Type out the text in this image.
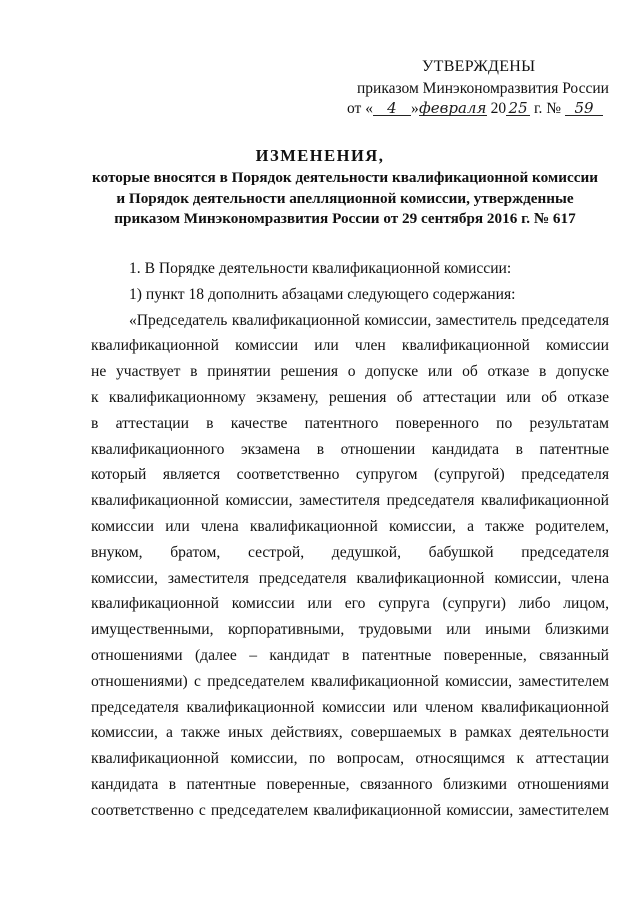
УТВЕРЖДЕНЫ
приказом Минэкономразвития России
от « 4 »февраля 20 25 г. № 59
ИЗМЕНЕНИЯ,
которые вносятся в Порядок деятельности квалификационной комиссии
и Порядок деятельности апелляционной комиссии, утвержденные
приказом Минэкономразвития России от 29 сентября 2016 г. № 617
1. В Порядке деятельности квалификационной комиссии:
1) пункт 18 дополнить абзацами следующего содержания:
«Председатель квалификационной комиссии, заместитель председателя
квалификационной комиссии или член квалификационной комиссии
не участвует в принятии решения о допуске или об отказе в допуске
к квалификационному экзамену, решения об аттестации или об отказе
в аттестации в качестве патентного поверенного по результатам
квалификационного экзамена в отношении кандидата в патентные
который является соответственно супругом (супругой) председателя
квалификационной комиссии, заместителя председателя квалификационной
комиссии или члена квалификационной комиссии, а также родителем,
внуком, братом, сестрой, дедушкой, бабушкой председателя
комиссии, заместителя председателя квалификационной комиссии, члена
квалификационной комиссии или его супруга (супруги) либо лицом,
имущественными, корпоративными, трудовыми или иными близкими
отношениями (далее – кандидат в патентные поверенные, связанный
отношениями) с председателем квалификационной комиссии, заместителем
председателя квалификационной комиссии или членом квалификационной
комиссии, а также иных действиях, совершаемых в рамках деятельности
квалификационной комиссии, по вопросам, относящимся к аттестации
кандидата в патентные поверенные, связанного близкими отношениями
соответственно с председателем квалификационной комиссии, заместителем
